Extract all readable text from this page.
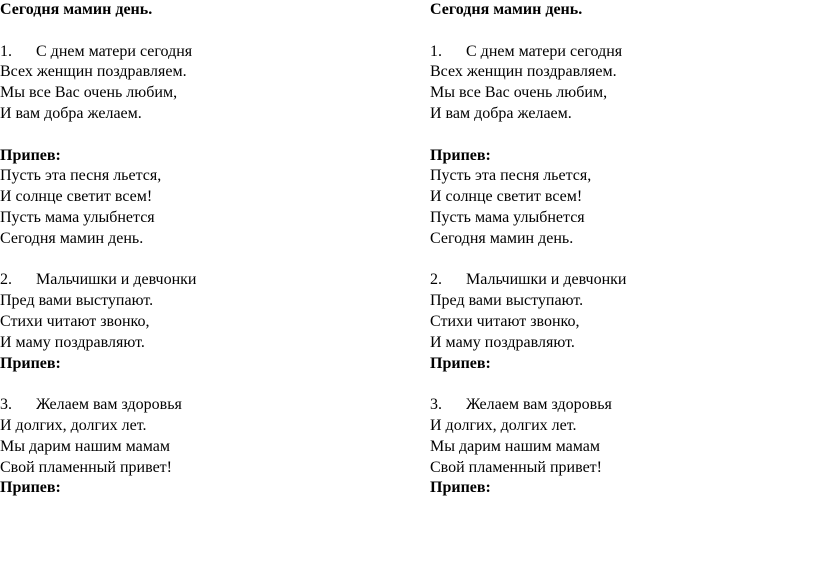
Сегодня мамин день.
1. С днем матери сегодня
Всех женщин поздравляем.
Мы все Вас очень любим,
И вам добра желаем.
Припев:
Пусть эта песня льется,
И солнце светит всем!
Пусть мама улыбнется
Сегодня мамин день.
2. Мальчишки и девчонки
Пред вами выступают.
Стихи читают звонко,
И маму поздравляют.
Припев:
3. Желаем вам здоровья
И долгих, долгих лет.
Мы дарим нашим мамам
Свой пламенный привет!
Припев:
Сегодня мамин день.
1. С днем матери сегодня
Всех женщин поздравляем.
Мы все Вас очень любим,
И вам добра желаем.
Припев:
Пусть эта песня льется,
И солнце светит всем!
Пусть мама улыбнется
Сегодня мамин день.
2. Мальчишки и девчонки
Пред вами выступают.
Стихи читают звонко,
И маму поздравляют.
Припев:
3. Желаем вам здоровья
И долгих, долгих лет.
Мы дарим нашим мамам
Свой пламенный привет!
Припев:
